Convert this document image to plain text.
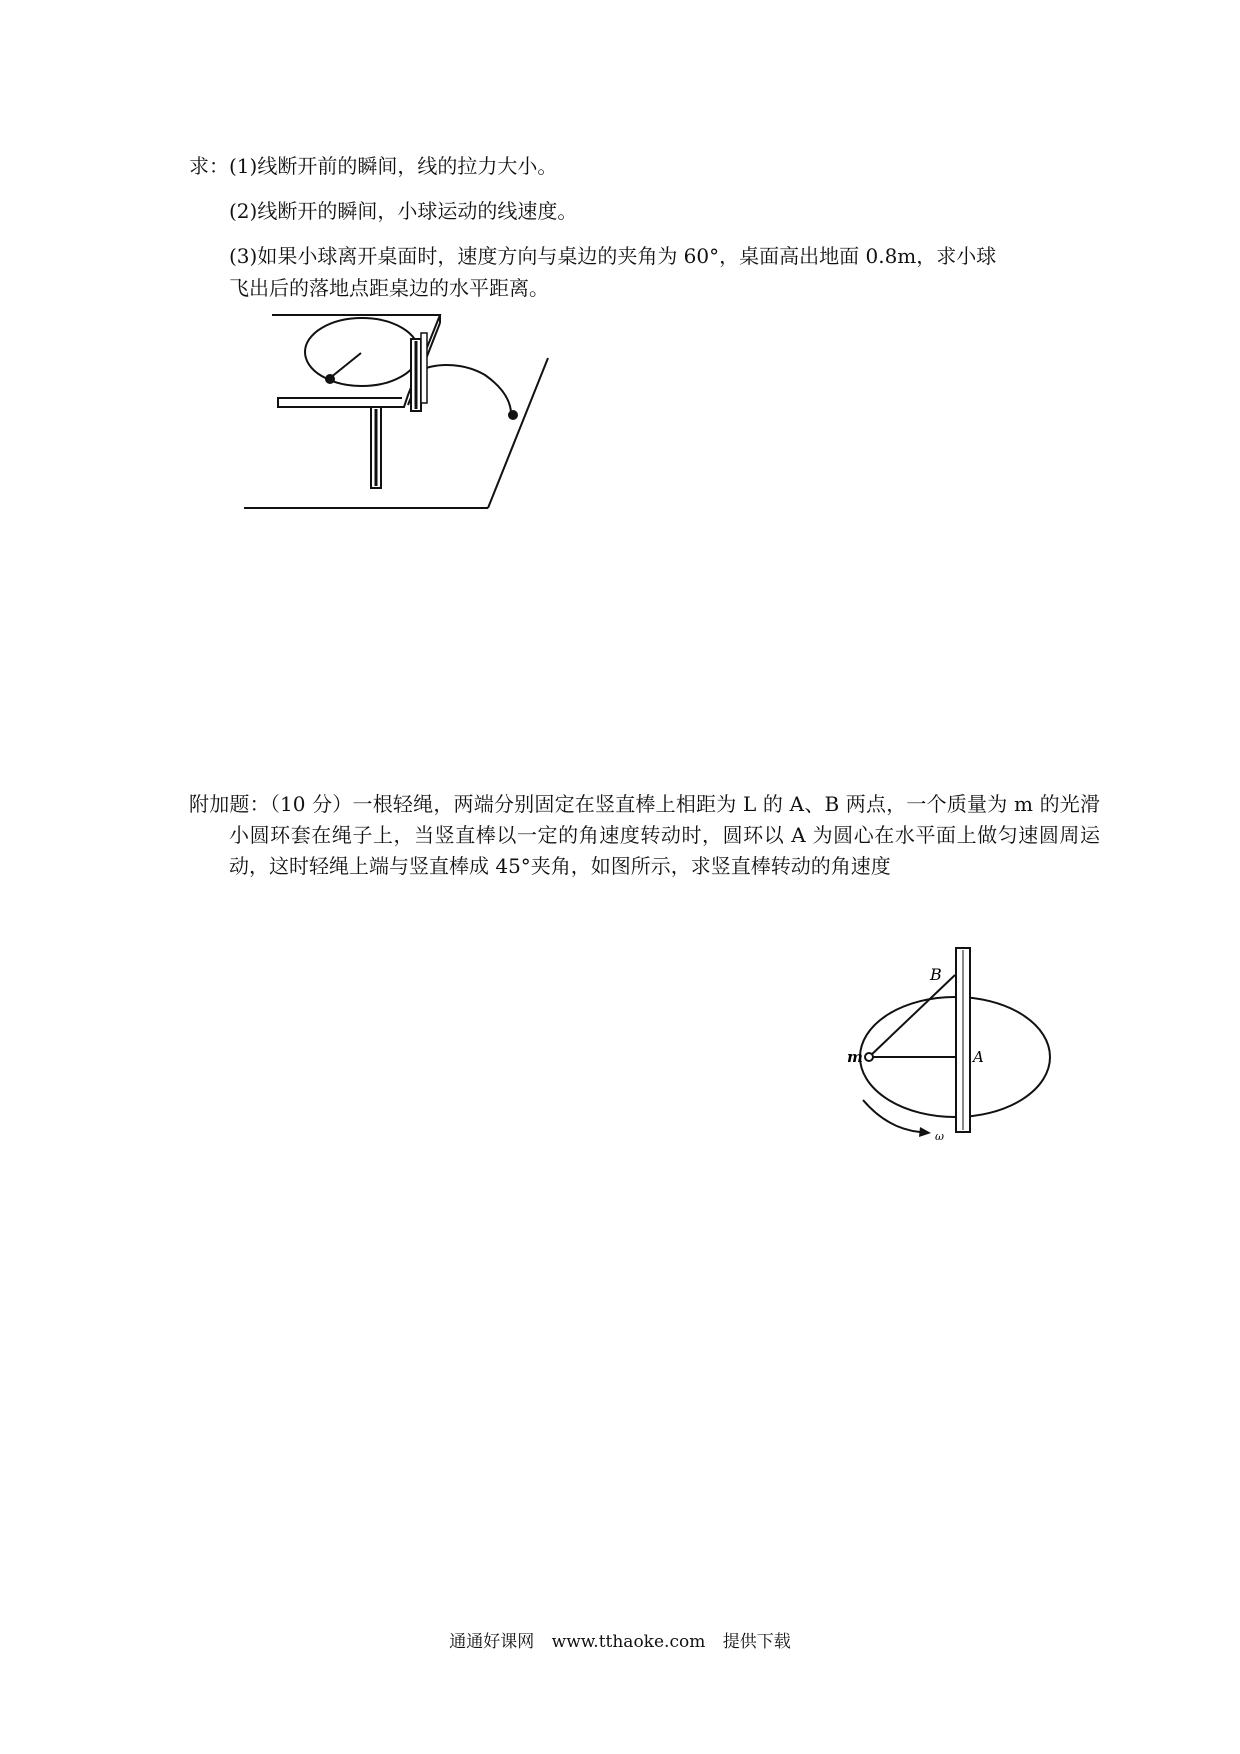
求： (1)线断开前的瞬间，线的拉力大小。
(2)线断开的瞬间，小球运动的线速度。
(3)如果小球离开桌面时，速度方向与桌边的夹角为 60°，桌面高出地面 0.8m，求小球
飞出后的落地点距桌边的水平距离。
附加题：（10 分）一根轻绳，两端分别固定在竖直棒上相距为 L 的 A、B 两点，一个质量为 m 的光滑小圆环套在绳子上，当竖直棒以一定的角速度转动时，圆环以 A 为圆心在水平面上做匀速圆周运动，这时轻绳上端与竖直棒成 45°夹角，如图所示，求竖直棒转动的角速度
B
m	A
ω
通通好课网 www.tthaoke.com 提供下载
